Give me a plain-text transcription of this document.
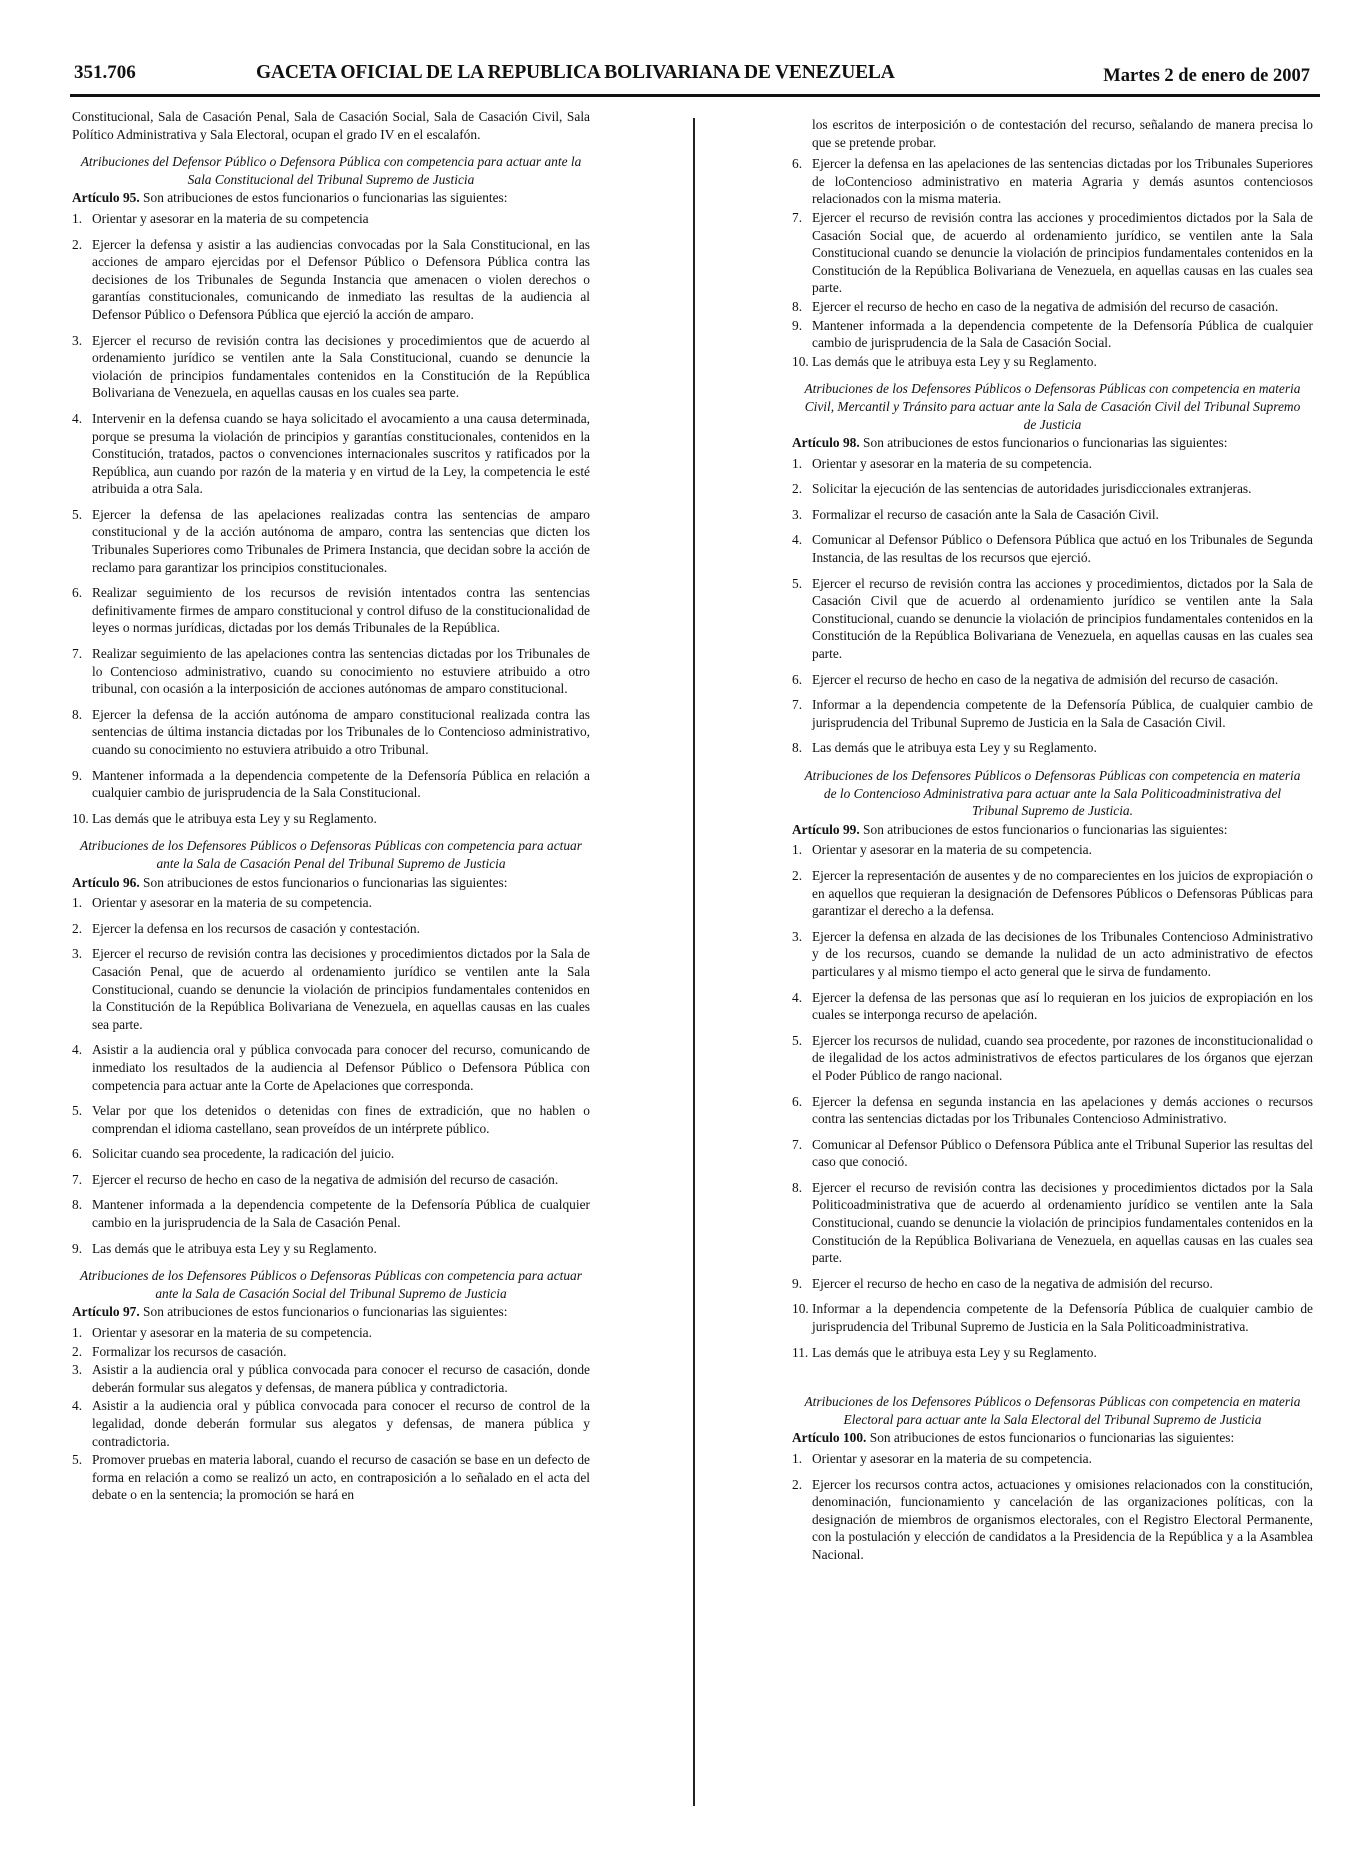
351.706	GACETA OFICIAL DE LA REPUBLICA BOLIVARIANA DE VENEZUELA	Martes 2 de enero de 2007

Constitucional, Sala de Casación Penal, Sala de Casación Social, Sala de Casación Civil, Sala Político Administrativa y Sala Electoral, ocupan el grado IV en el escalafón.

Atribuciones del Defensor Público o Defensora Pública con competencia para actuar ante la Sala Constitucional del Tribunal Supremo de Justicia

Artículo 95. Son atribuciones de estos funcionarios o funcionarias las siguientes:

1. Orientar y asesorar en la materia de su competencia
2. Ejercer la defensa y asistir a las audiencias convocadas por la Sala Constitucional, en las acciones de amparo ejercidas por el Defensor Público o Defensora Pública contra las decisiones de los Tribunales de Segunda Instancia que amenacen o violen derechos o garantías constitucionales, comunicando de inmediato las resultas de la audiencia al Defensor Público o Defensora Pública que ejerció la acción de amparo.
3. Ejercer el recurso de revisión contra las decisiones y procedimientos que de acuerdo al ordenamiento jurídico se ventilen ante la Sala Constitucional, cuando se denuncie la violación de principios fundamentales contenidos en la Constitución de la República Bolivariana de Venezuela, en aquellas causas en los cuales sea parte.
4. Intervenir en la defensa cuando se haya solicitado el avocamiento a una causa determinada, porque se presuma la violación de principios y garantías constitucionales, contenidos en la Constitución, tratados, pactos o convenciones internacionales suscritos y ratificados por la República, aun cuando por razón de la materia y en virtud de la Ley, la competencia le esté atribuida a otra Sala.
5. Ejercer la defensa de las apelaciones realizadas contra las sentencias de amparo constitucional y de la acción autónoma de amparo, contra las sentencias que dicten los Tribunales Superiores como Tribunales de Primera Instancia, que decidan sobre la acción de reclamo para garantizar los principios constitucionales.
6. Realizar seguimiento de los recursos de revisión intentados contra las sentencias definitivamente firmes de amparo constitucional y control difuso de la constitucionalidad de leyes o normas jurídicas, dictadas por los demás Tribunales de la República.
7. Realizar seguimiento de las apelaciones contra las sentencias dictadas por los Tribunales de lo Contencioso administrativo, cuando su conocimiento no estuviere atribuido a otro tribunal, con ocasión a la interposición de acciones autónomas de amparo constitucional.
8. Ejercer la defensa de la acción autónoma de amparo constitucional realizada contra las sentencias de última instancia dictadas por los Tribunales de lo Contencioso administrativo, cuando su conocimiento no estuviera atribuido a otro Tribunal.
9. Mantener informada a la dependencia competente de la Defensoría Pública en relación a cualquier cambio de jurisprudencia de la Sala Constitucional.
10. Las demás que le atribuya esta Ley y su Reglamento.
Atribuciones de los Defensores Públicos o Defensoras Públicas con competencia para actuar ante la Sala de Casación Penal del Tribunal Supremo de Justicia

Artículo 96. Son atribuciones de estos funcionarios o funcionarias las siguientes:

1. Orientar y asesorar en la materia de su competencia.
2. Ejercer la defensa en los recursos de casación y contestación.
3. Ejercer el recurso de revisión contra las decisiones y procedimientos dictados por la Sala de Casación Penal, que de acuerdo al ordenamiento jurídico se ventilen ante la Sala Constitucional, cuando se denuncie la violación de principios fundamentales contenidos en la Constitución de la República Bolivariana de Venezuela, en aquellas causas en las cuales sea parte.
4. Asistir a la audiencia oral y pública convocada para conocer del recurso, comunicando de inmediato los resultados de la audiencia al Defensor Público o Defensora Pública con competencia para actuar ante la Corte de Apelaciones que corresponda.
5. Velar por que los detenidos o detenidas con fines de extradición, que no hablen o comprendan el idioma castellano, sean proveídos de un intérprete público.
6. Solicitar cuando sea procedente, la radicación del juicio.
7. Ejercer el recurso de hecho en caso de la negativa de admisión del recurso de casación.
8. Mantener informada a la dependencia competente de la Defensoría Pública de cualquier cambio en la jurisprudencia de la Sala de Casación Penal.
9. Las demás que le atribuya esta Ley y su Reglamento.
Atribuciones de los Defensores Públicos o Defensoras Públicas con competencia para actuar ante la Sala de Casación Social del Tribunal Supremo de Justicia

Artículo 97. Son atribuciones de estos funcionarios o funcionarias las siguientes:

1. Orientar y asesorar en la materia de su competencia.
2. Formalizar los recursos de casación.
3. Asistir a la audiencia oral y pública convocada para conocer el recurso de casación, donde deberán formular sus alegatos y defensas, de manera pública y contradictoria.
4. Asistir a la audiencia oral y pública convocada para conocer el recurso de control de la legalidad, donde deberán formular sus alegatos y defensas, de manera pública y contradictoria.
5. Promover pruebas en materia laboral, cuando el recurso de casación se base en un defecto de forma en relación a como se realizó un acto, en contraposición a lo señalado en el acta del debate o en la sentencia; la promoción se hará en

los escritos de interposición o de contestación del recurso, señalando de manera precisa lo que se pretende probar.

6. Ejercer la defensa en las apelaciones de las sentencias dictadas por los Tribunales Superiores de loContencioso administrativo en materia Agraria y demás asuntos contenciosos relacionados con la misma materia.
7. Ejercer el recurso de revisión contra las acciones y procedimientos dictados por la Sala de Casación Social que, de acuerdo al ordenamiento jurídico, se ventilen ante la Sala Constitucional cuando se denuncie la violación de principios fundamentales contenidos en la Constitución de la República Bolivariana de Venezuela, en aquellas causas en las cuales sea parte.
8. Ejercer el recurso de hecho en caso de la negativa de admisión del recurso de casación.
9. Mantener informada a la dependencia competente de la Defensoría Pública de cualquier cambio de jurisprudencia de la Sala de Casación Social.
10. Las demás que le atribuya esta Ley y su Reglamento.
Atribuciones de los Defensores Públicos o Defensoras Públicas con competencia en materia Civil, Mercantil y Tránsito para actuar ante la Sala de Casación Civil del Tribunal Supremo de Justicia

Artículo 98. Son atribuciones de estos funcionarios o funcionarias las siguientes:

1. Orientar y asesorar en la materia de su competencia.
2. Solicitar la ejecución de las sentencias de autoridades jurisdiccionales extranjeras.
3. Formalizar el recurso de casación ante la Sala de Casación Civil.
4. Comunicar al Defensor Público o Defensora Pública que actuó en los Tribunales de Segunda Instancia, de las resultas de los recursos que ejerció.
5. Ejercer el recurso de revisión contra las acciones y procedimientos, dictados por la Sala de Casación Civil que de acuerdo al ordenamiento jurídico se ventilen ante la Sala Constitucional, cuando se denuncie la violación de principios fundamentales contenidos en la Constitución de la República Bolivariana de Venezuela, en aquellas causas en las cuales sea parte.
6. Ejercer el recurso de hecho en caso de la negativa de admisión del recurso de casación.
7. Informar a la dependencia competente de la Defensoría Pública, de cualquier cambio de jurisprudencia del Tribunal Supremo de Justicia en la Sala de Casación Civil.
8. Las demás que le atribuya esta Ley y su Reglamento.
Atribuciones de los Defensores Públicos o Defensoras Públicas con competencia en materia de lo Contencioso Administrativa para actuar ante la Sala Politicoadministrativa del Tribunal Supremo de Justicia.

Artículo 99. Son atribuciones de estos funcionarios o funcionarias las siguientes:

1. Orientar y asesorar en la materia de su competencia.
2. Ejercer la representación de ausentes y de no comparecientes en los juicios de expropiación o en aquellos que requieran la designación de Defensores Públicos o Defensoras Públicas para garantizar el derecho a la defensa.
3. Ejercer la defensa en alzada de las decisiones de los Tribunales Contencioso Administrativo y de los recursos, cuando se demande la nulidad de un acto administrativo de efectos particulares y al mismo tiempo el acto general que le sirva de fundamento.
4. Ejercer la defensa de las personas que así lo requieran en los juicios de expropiación en los cuales se interponga recurso de apelación.
5. Ejercer los recursos de nulidad, cuando sea procedente, por razones de inconstitucionalidad o de ilegalidad de los actos administrativos de efectos particulares de los órganos que ejerzan el Poder Público de rango nacional.
6. Ejercer la defensa en segunda instancia en las apelaciones y demás acciones o recursos contra las sentencias dictadas por los Tribunales Contencioso Administrativo.
7. Comunicar al Defensor Público o Defensora Pública ante el Tribunal Superior las resultas del caso que conoció.
8. Ejercer el recurso de revisión contra las decisiones y procedimientos dictados por la Sala Politicoadministrativa que de acuerdo al ordenamiento jurídico se ventilen ante la Sala Constitucional, cuando se denuncie la violación de principios fundamentales contenidos en la Constitución de la República Bolivariana de Venezuela, en aquellas causas en las cuales sea parte.
9. Ejercer el recurso de hecho en caso de la negativa de admisión del recurso.
10. Informar a la dependencia competente de la Defensoría Pública de cualquier cambio de jurisprudencia del Tribunal Supremo de Justicia en la Sala Politicoadministrativa.
11. Las demás que le atribuya esta Ley y su Reglamento.
Atribuciones de los Defensores Públicos o Defensoras Públicas con competencia en materia Electoral para actuar ante la Sala Electoral del Tribunal Supremo de Justicia

Artículo 100. Son atribuciones de estos funcionarios o funcionarias las siguientes:

1. Orientar y asesorar en la materia de su competencia.
2. Ejercer los recursos contra actos, actuaciones y omisiones relacionados con la constitución, denominación, funcionamiento y cancelación de las organizaciones políticas, con la designación de miembros de organismos electorales, con el Registro Electoral Permanente, con la postulación y elección de candidatos a la Presidencia de la República y a la Asamblea Nacional.
